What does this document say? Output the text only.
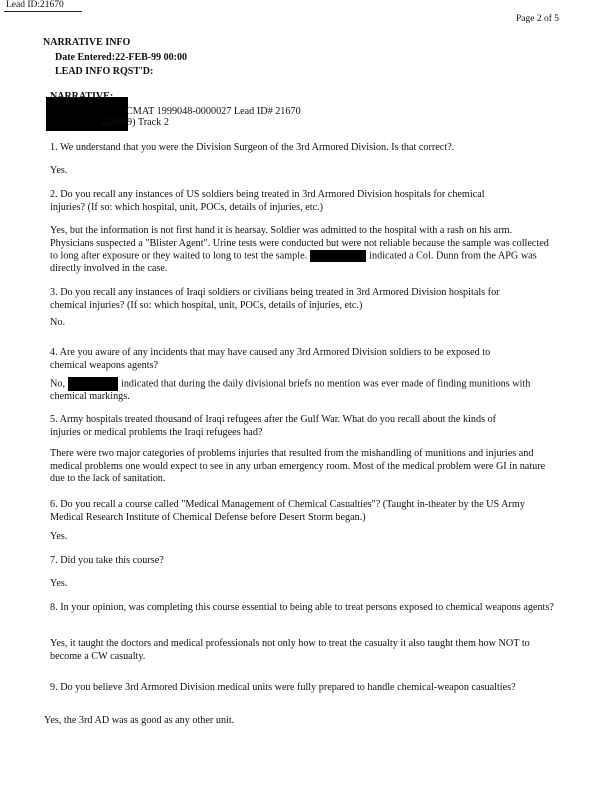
Lead ID:21670
Page 2 of 5
NARRATIVE INFO
Date Entered:22-FEB-99 00:00
LEAD INFO RQST'D:
CMAT 1999048-0000027 Lead ID# 21670
2/20/99) Track 2
1. We understand that you were the Division Surgeon of the 3rd Armored Division. Is that correct?.
Yes.
2. Do you recall any instances of US soldiers being treated in 3rd Armored Division hospitals for chemical injuries? (If so: which hospital, unit, POCs, details of injuries, etc.)
Yes, but the information is not first hand it is hearsay. Soldier was admitted to the hospital with a rash on his arm. Physicians suspected a "Blister Agent". Urine tests were conducted but were not reliable because the sample was collected to long after exposure or they waited to long to test the sample.	indicated a Col. Dunn from the APG was directly involved in the case.
3. Do you recall any instances of Iraqi soldiers or civilians being treated in 3rd Armored Division hospitals for chemical injuries? (If so: which hospital, unit, POCs, details of injuries, etc.)
No.
4. Are you aware of any incidents that may have caused any 3rd Armored Division soldiers to be exposed to chemical weapons agents?
No,	indicated that during the daily divisional briefs no mention was ever made of finding munitions with chemical markings.
5. Army hospitals treated thousand of Iraqi refugees after the Gulf War. What do you recall about the kinds of injuries or medical problems the Iraqi refugees had?
There were two major categories of problems injuries that resulted from the mishandling of munitions and injuries and medical problems one would expect to see in any urban emergency room. Most of the medical problem were GI in nature due to the lack of sanitation.
6. Do you recall a course called "Medical Management of Chemical Casualties"? (Taught in-theater by the US Army Medical Research Institute of Chemical Defense before Desert Storm began.)
Yes.
7. Did you take this course?
Yes.
8. In your opinion, was completing this course essential to being able to treat persons exposed to chemical weapons agents?
Yes, it taught the doctors and medical professionals not only how to treat the casualty it also taught them how NOT to become a CW casualty.
9. Do you believe 3rd Armored Division medical units were fully prepared to handle chemical-weapon casualties?
Yes, the 3rd AD was as good as any other unit.
